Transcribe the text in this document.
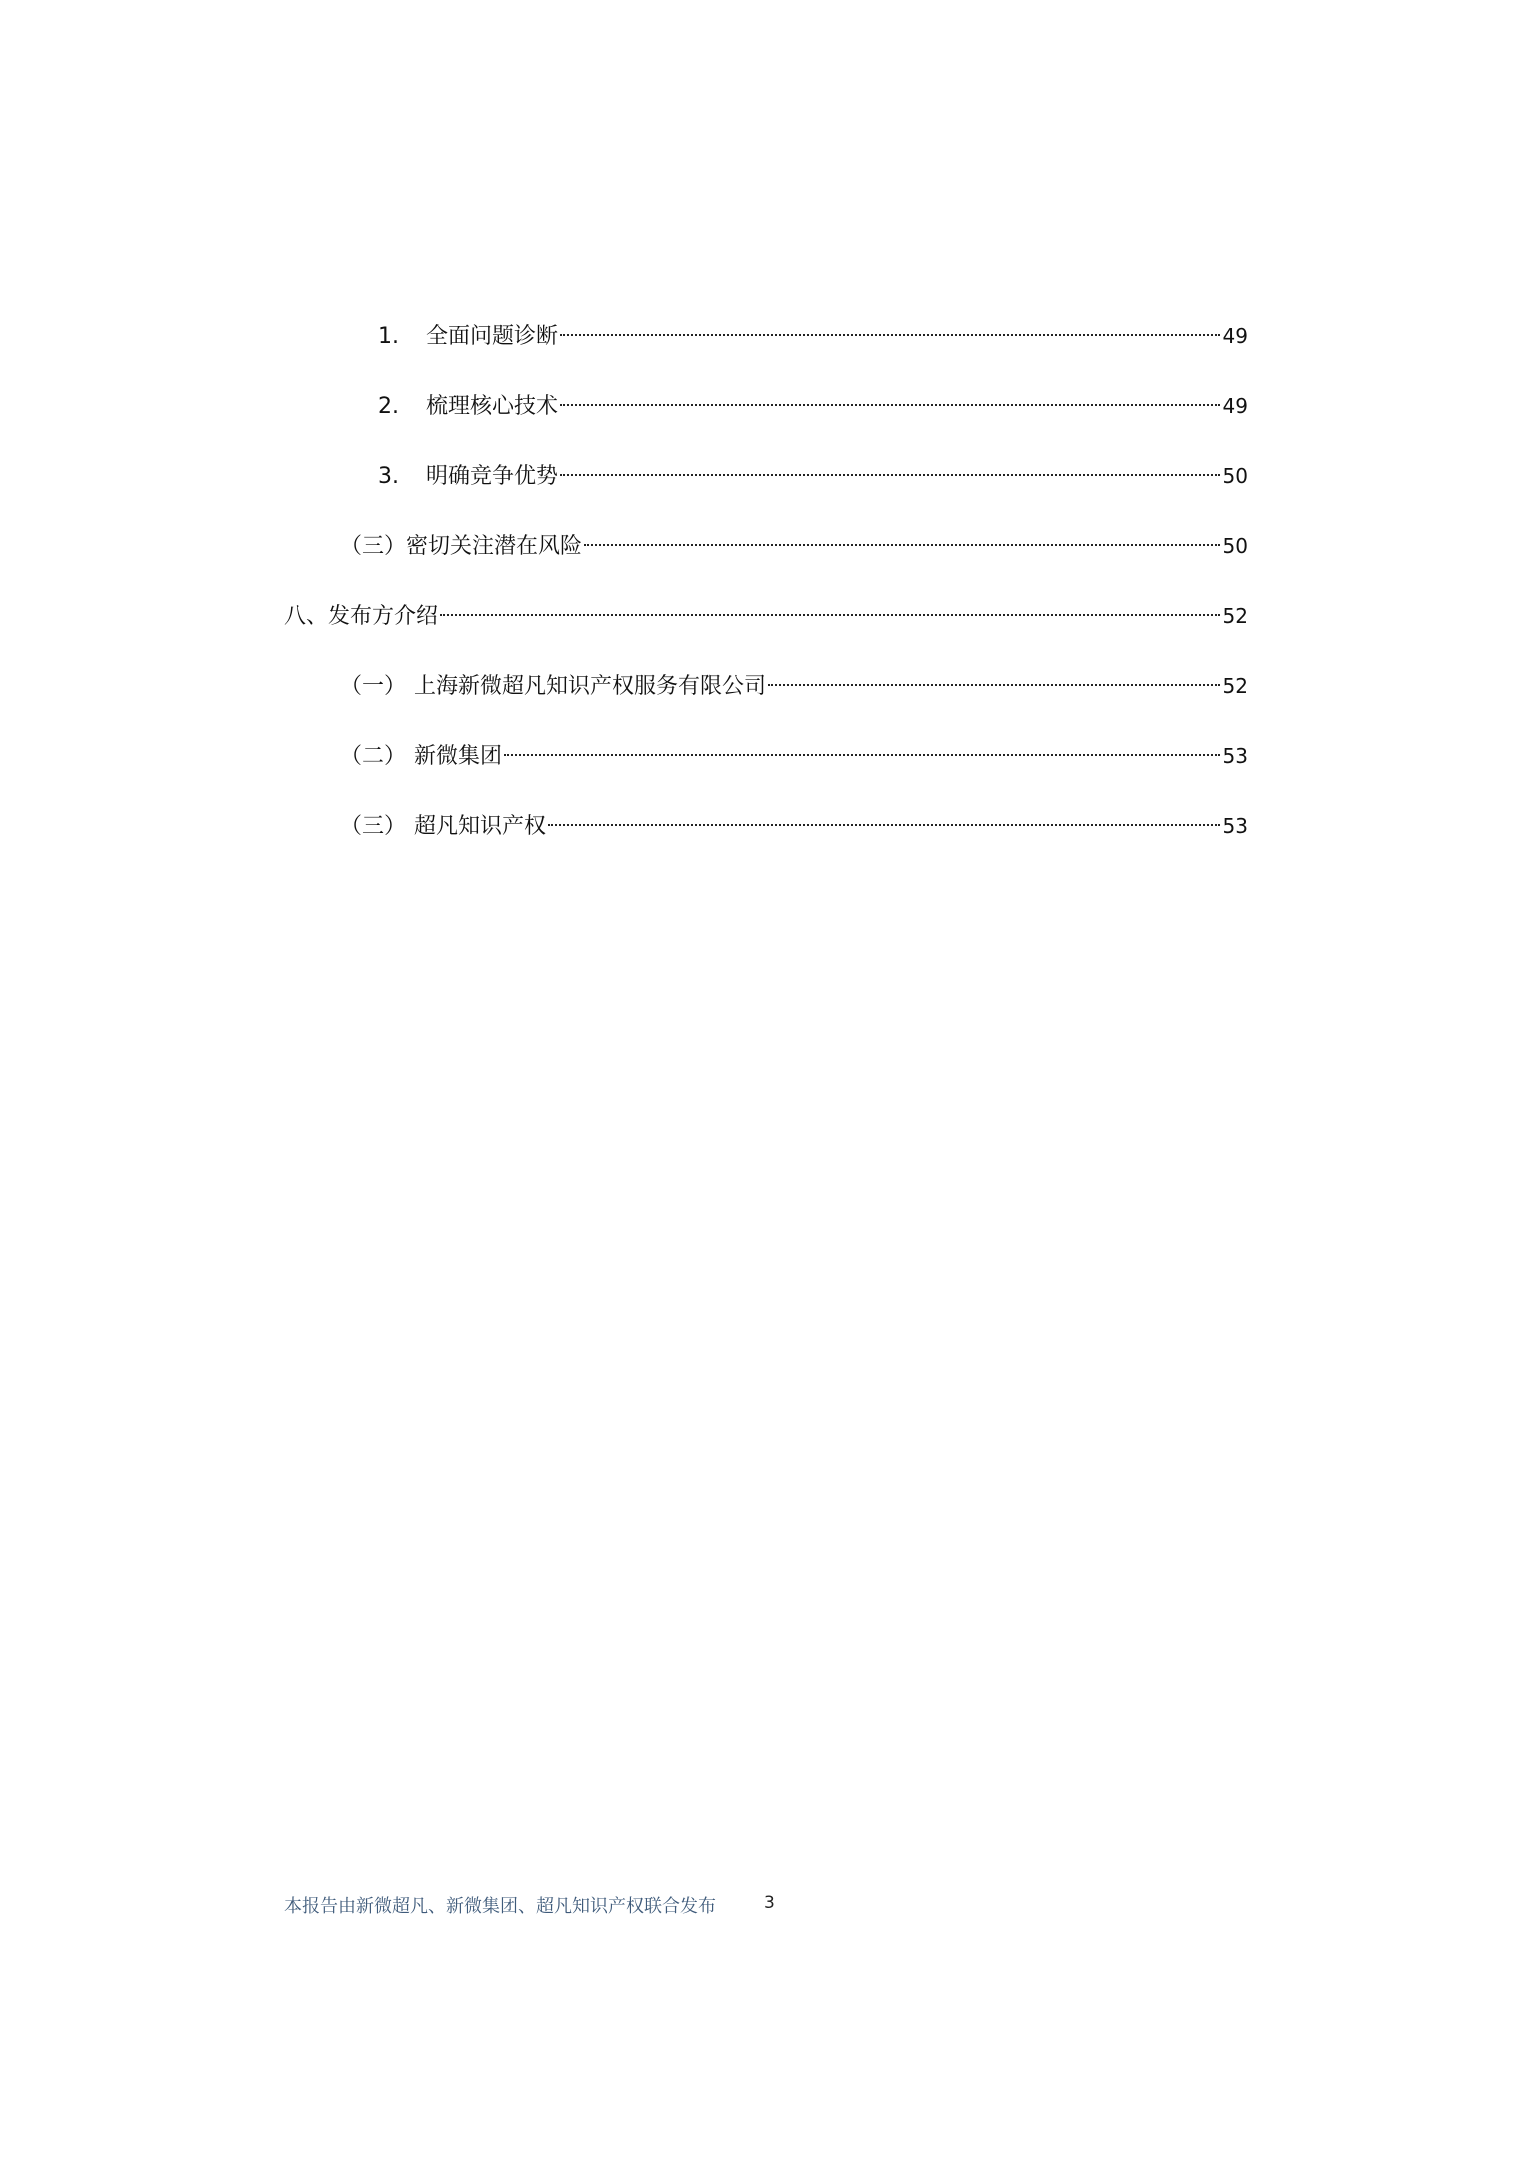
1.	全面问题诊断	49
2.	梳理核心技术	49
3.	明确竞争优势	50
（三） 密切关注潜在风险	50
八、 发布方介绍	52
（一） 上海新微超凡知识产权服务有限公司	52
（二） 新微集团	53
（三） 超凡知识产权	53
本报告由新微超凡、新微集团、超凡知识产权联合发布	3
